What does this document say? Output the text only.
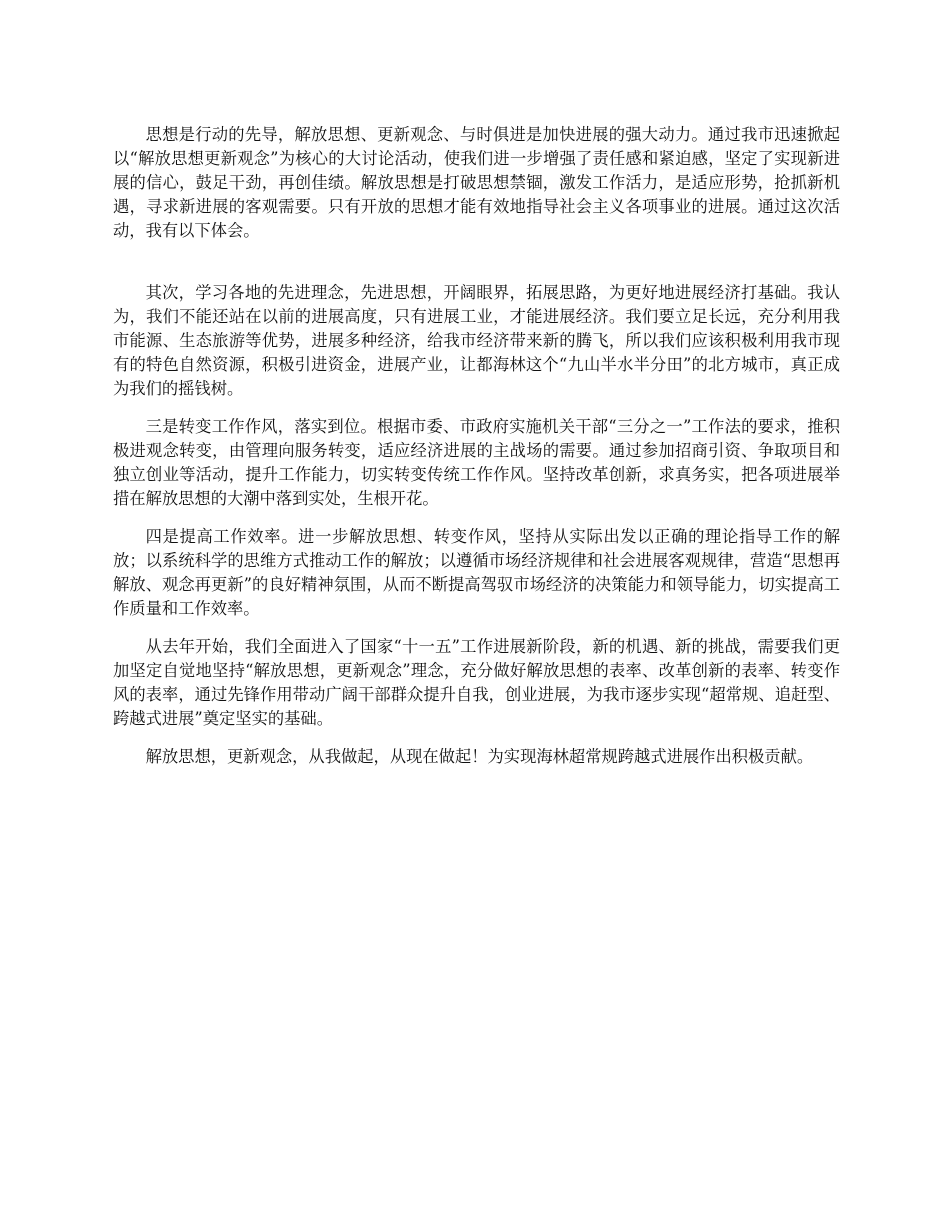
思想是行动的先导，解放思想、更新观念、与时俱进是加快进展的强大动力。通过我市迅速掀起以“解放思想更新观念”为核心的大讨论活动，使我们进一步增强了责任感和紧迫感，坚定了实现新进展的信心，鼓足干劲，再创佳绩。解放思想是打破思想禁锢，激发工作活力，是适应形势，抢抓新机遇，寻求新进展的客观需要。只有开放的思想才能有效地指导社会主义各项事业的进展。通过这次活动，我有以下体会。

其次，学习各地的先进理念，先进思想，开阔眼界，拓展思路，为更好地进展经济打基础。我认为，我们不能还站在以前的进展高度，只有进展工业，才能进展经济。我们要立足长远，充分利用我市能源、生态旅游等优势，进展多种经济，给我市经济带来新的腾飞，所以我们应该积极利用我市现有的特色自然资源，积极引进资金，进展产业，让都海林这个“九山半水半分田”的北方城市，真正成为我们的摇钱树。

三是转变工作作风，落实到位。根据市委、市政府实施机关干部“三分之一”工作法的要求，推积极进观念转变，由管理向服务转变，适应经济进展的主战场的需要。通过参加招商引资、争取项目和独立创业等活动，提升工作能力，切实转变传统工作作风。坚持改革创新，求真务实，把各项进展举措在解放思想的大潮中落到实处，生根开花。

四是提高工作效率。进一步解放思想、转变作风，坚持从实际出发以正确的理论指导工作的解放；以系统科学的思维方式推动工作的解放；以遵循市场经济规律和社会进展客观规律，营造“思想再解放、观念再更新”的良好精神氛围，从而不断提高驾驭市场经济的决策能力和领导能力，切实提高工作质量和工作效率。

从去年开始，我们全面进入了国家“十一五”工作进展新阶段，新的机遇、新的挑战，需要我们更加坚定自觉地坚持“解放思想，更新观念”理念，充分做好解放思想的表率、改革创新的表率、转变作风的表率，通过先锋作用带动广阔干部群众提升自我，创业进展，为我市逐步实现“超常规、追赶型、跨越式进展”奠定坚实的基础。

解放思想，更新观念，从我做起，从现在做起！为实现海林超常规跨越式进展作出积极贡献。
